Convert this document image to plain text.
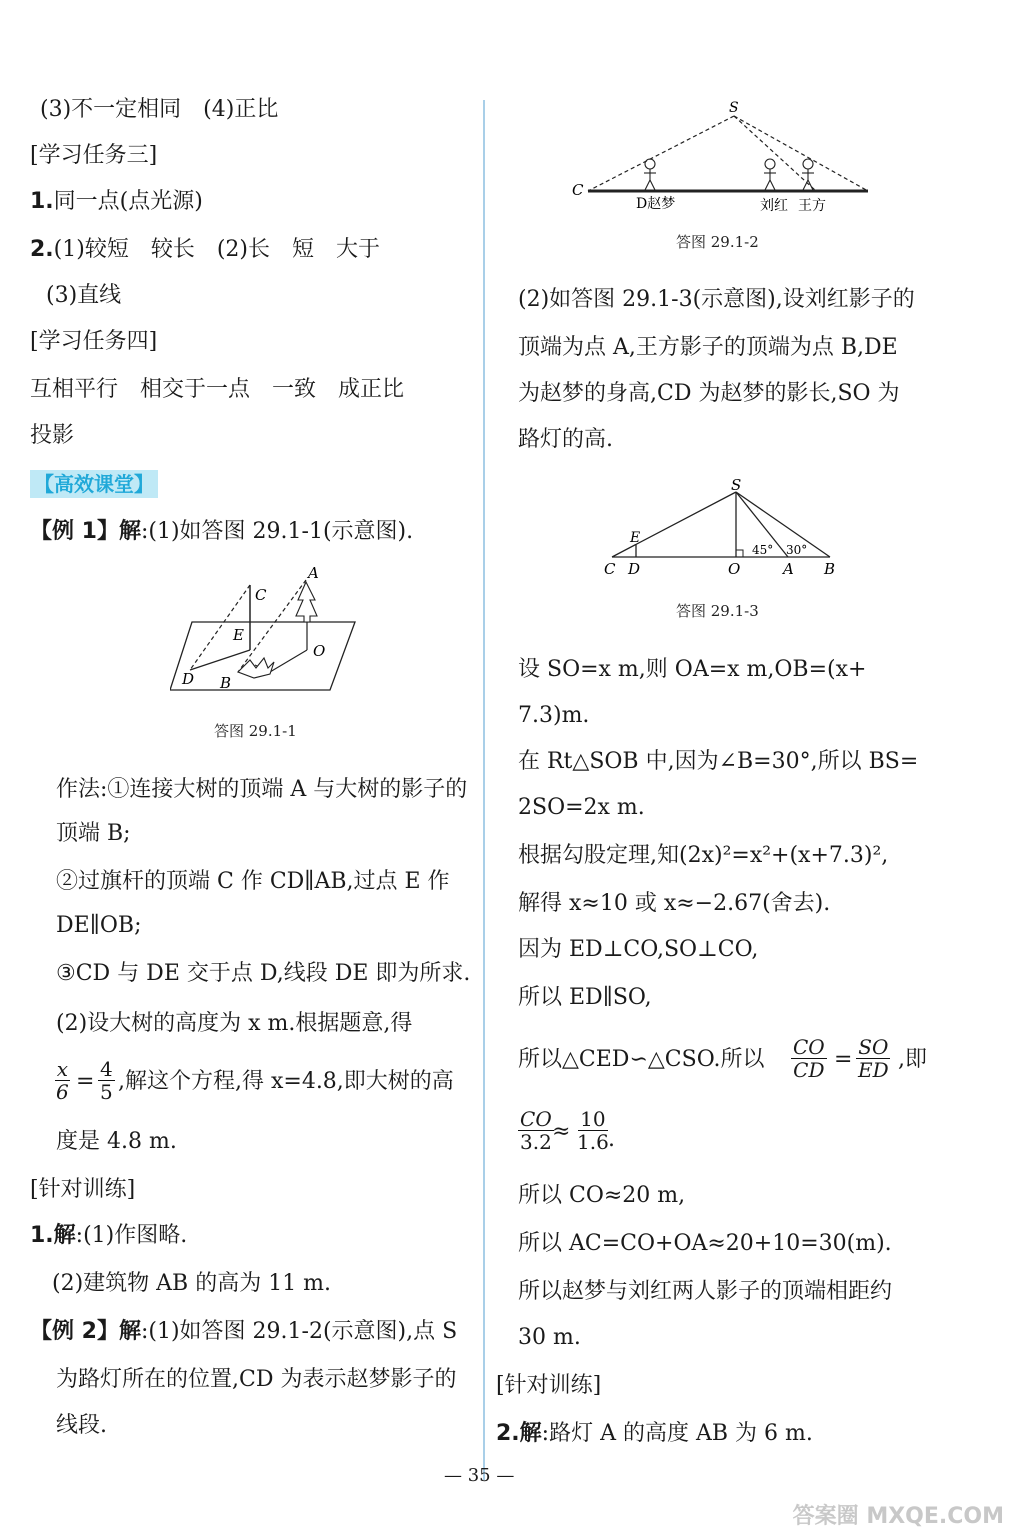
(3)不一定相同　(4)正比
[学习任务三]
1.同一点(点光源)
2.(1)较短　较长　(2)长　短　大于
(3)直线
[学习任务四]
互相平行　相交于一点　一致　成正比
投影
【高效课堂】
【例 1】解:(1)如答图 29.1-1(示意图).
C
A
E
O
D B
答图 29.1-1
作法:①连接大树的顶端 A 与大树的影子的
顶端 B;
②过旗杆的顶端 C 作 CD∥AB,过点 E 作
DE∥OB;
③CD 与 DE 交于点 D,线段 DE 即为所求.
(2)设大树的高度为 x m.根据题意,得
$\frac{x}{6} = \frac{4}{5}$ ,解这个方程,得 x=4.8,即大树的高
度是 4.8 m.
[针对训练]
1.解:(1)作图略.
(2)建筑物 AB 的高为 11 m.
【例 2】解:(1)如答图 29.1-2(示意图),点 S
为路灯所在的位置,CD 为表示赵梦影子的
线段.
S
C
D赵梦	刘红 王方
答图 29.1-2
(2)如答图 29.1-3(示意图),设刘红影子的
顶端为点 A,王方影子的顶端为点 B,DE
为赵梦的身高,CD 为赵梦的影长,SO 为
路灯的高.
S
E
C D	O	A B
45° 30°
答图 29.1-3
设 SO=x m,则 OA=x m,OB=(x+
7.3)m.
在 Rt△SOB 中,因为∠B=30°,所以 BS=
2SO=2x m.
根据勾股定理,知(2x)²=x²+(x+7.3)²,
解得 x≈10 或 x≈−2.67(舍去).
因为 ED⊥CO,SO⊥CO,
所以 ED∥SO,
所以△CED∽△CSO.所以 $\frac{CO}{CD} = \frac{SO}{ED}$ ,即
$\frac{CO}{3.2}$
≈ $\frac{10}{1.6}$
.
所以 CO≈20 m,
所以 AC=CO+OA≈20+10=30(m).
所以赵梦与刘红两人影子的顶端相距约
30 m.
[针对训练]
2.解:路灯 A 的高度 AB 为 6 m.
— 35 —
答案圈 MXQE.COM
